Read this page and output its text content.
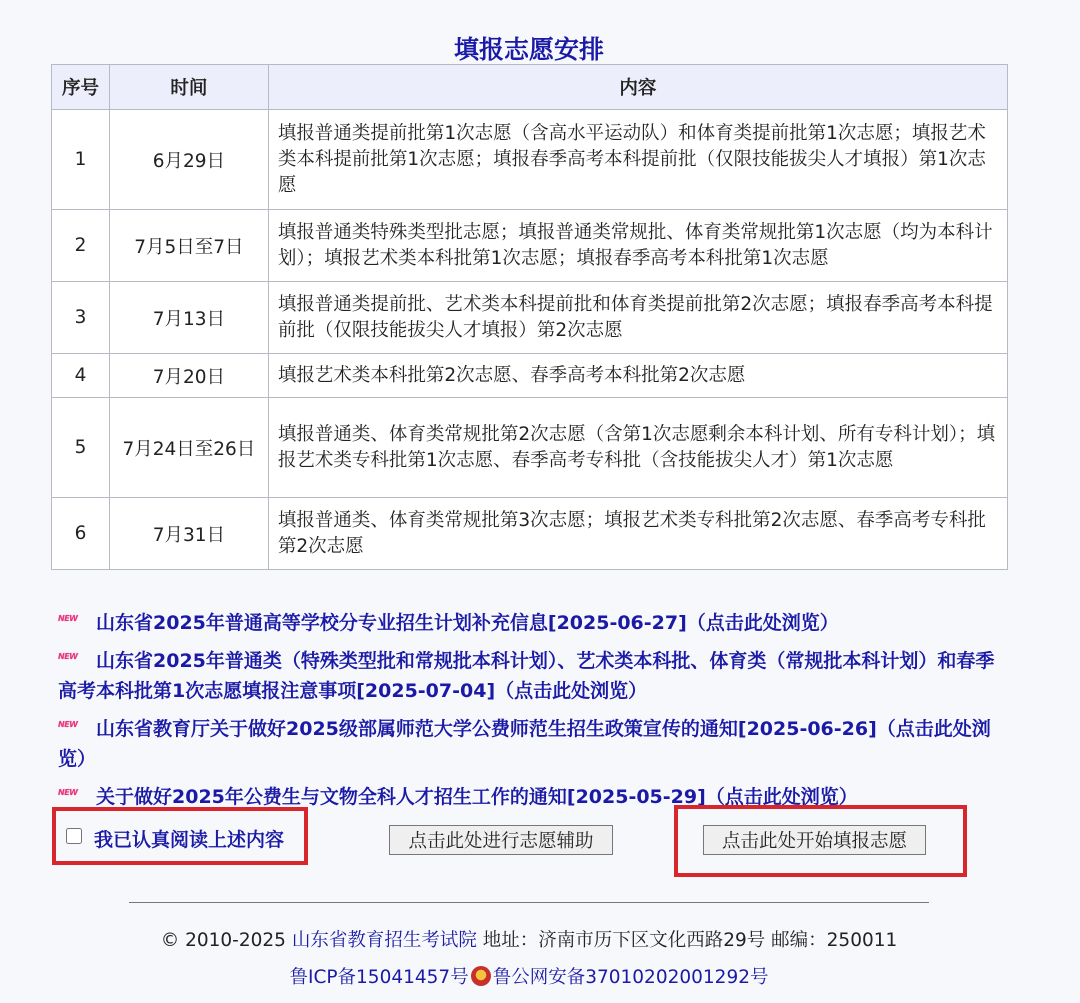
填报志愿安排
序号	时间	内容
1	6月29日	填报普通类提前批第1次志愿（含高水平运动队）和体育类提前批第1次志愿；填报艺术类本科提前批第1次志愿；填报春季高考本科提前批（仅限技能拔尖人才填报）第1次志愿
2	7月5日至7日	填报普通类特殊类型批志愿；填报普通类常规批、体育类常规批第1次志愿（均为本科计划）；填报艺术类本科批第1次志愿；填报春季高考本科批第1次志愿
3	7月13日	填报普通类提前批、艺术类本科提前批和体育类提前批第2次志愿；填报春季高考本科提前批（仅限技能拔尖人才填报）第2次志愿
4	7月20日	填报艺术类本科批第2次志愿、春季高考本科批第2次志愿
5	7月24日至26日	填报普通类、体育类常规批第2次志愿（含第1次志愿剩余本科计划、所有专科计划）；填报艺术类专科批第1次志愿、春季高考专科批（含技能拔尖人才）第1次志愿
6	7月31日	填报普通类、体育类常规批第3次志愿；填报艺术类专科批第2次志愿、春季高考专科批第2次志愿

NEW 山东省2025年普通高等学校分专业招生计划补充信息[2025-06-27]（点击此处浏览）

NEW 山东省2025年普通类（特殊类型批和常规批本科计划）、艺术类本科批、体育类（常规批本科计划）和春季高考本科批第1次志愿填报注意事项[2025-07-04]（点击此处浏览）

NEW 山东省教育厅关于做好2025级部属师范大学公费师范生招生政策宣传的通知[2025-06-26]（点击此处浏览）

NEW 关于做好2025年公费生与文物全科人才招生工作的通知[2025-05-29]（点击此处浏览）

我已认真阅读上述内容	点击此处进行志愿辅助	点击此处开始填报志愿
© 2010-2025 山东省教育招生考试院 地址：济南市历下区文化西路29号 邮编：250011
鲁ICP备15041457号 鲁公网安备37010202001292号
